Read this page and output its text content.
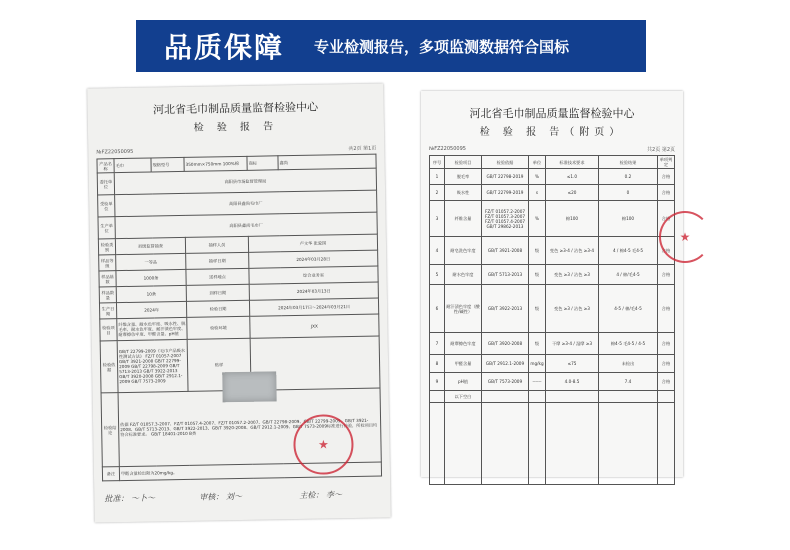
品质保障 专业检测报告，多项监测数据符合国标
河北省毛巾制品质量监督检验中心
检 验 报 告
№FZ22050095	共2页 第1页
产品名称	毛巾	规格型号	350mm×750mm 100%棉	商标	鑫尚
委托单位	高阳县市场监督管理局				
受检单位	高阳县鑫尚毛巾厂				
生产单位	高阳县鑫尚毛巾厂				
检验类别	县级监督抽查		抽样人员	卢文华 张爱国	
样品等级	一等品		抽样日期	2024年03月28日	
样品基数	1000条		送样地点	综合业务室	
样品数量	10条		到样日期	2024年03月13日	
生产日期	2024年		检验日期	2024年03月17日～2024年03月21日	
检验项目	纤维含量、耐水色牢度、吸水性、脱毛率、耐水色牢度、耐汗渍色牢度、耐摩擦色牢度、甲醛含量、pH值		检验环境	JXX	
检验依据	GB/T 22799-2009《毛巾产品吸水性测试方法》 FZ/T 01057-2007 GB/T 3921-2008 GB/T 22799-2009 GB/T 22798-2009 GB/T 5713-2013 GB/T 3922-2013 GB/T 3920-2008 GB/T 2912.1-2009 GB/T 7573-2009		贴样		
检验结论	依据 FZ/T 01057.3-2007、FZ/T 01057.4-2007、FZ/T 01057.2-2007、GB/T 22798-2009、GB/T 22799-2009、GB/T 3921-2008、GB/T 5713-2013、GB/T 3922-2013、GB/T 3920-2008、GB/T 2912.1-2009、GB/T 7573-2009标准进行检验，所检项目均符合标准要求。 GB/T 18401-2010 B类				
备注	甲醛含量检出限为20mg/kg。				
★
批准： 〜卜〜	审核： 刘〜	主检： 李〜
河北省毛巾制品质量监督检验中心
检 验 报 告（附页）
№FZ22050095	共2页 第2页
序号	检验项目	检验依据	单位	标准技术要求	检验结果	单项判定
1	脱毛率	GB/T 22798-2019	%	≤1.0	0.2	合格
2	吸水性	GB/T 22799-2019	s	≤20	0	合格
3	纤维含量	FZ/T 01057.2-2007 FZ/T 01057.3-2007 FZ/T 01057.4-2007 GB/T 29862-2013	%	棉100	棉100	合格
4	耐皂洗色牢度	GB/T 3921-2008	级	变色 ≥3-4 / 沾色 ≥3-4	4 / 棉4-5 毛4-5	合格
5	耐水色牢度	GB/T 5713-2013	级	变色 ≥3 / 沾色 ≥3	4 / 棉/毛4-5	合格
6	耐汗渍色牢度（酸性/碱性）	GB/T 3922-2013	级	变色 ≥3 / 沾色 ≥3	4-5 / 棉/毛4-5	合格
7	耐摩擦色牢度	GB/T 3920-2008	级	干摩 ≥3-4 / 湿摩 ≥3	棉4-5 毛4-5 / 4-5	合格
8	甲醛含量	GB/T 2912.1-2009	mg/kg	≤75	未检出	合格
9	pH值	GB/T 7573-2009	------	4.0-8.5	7.4	合格
	以下空白					

★
